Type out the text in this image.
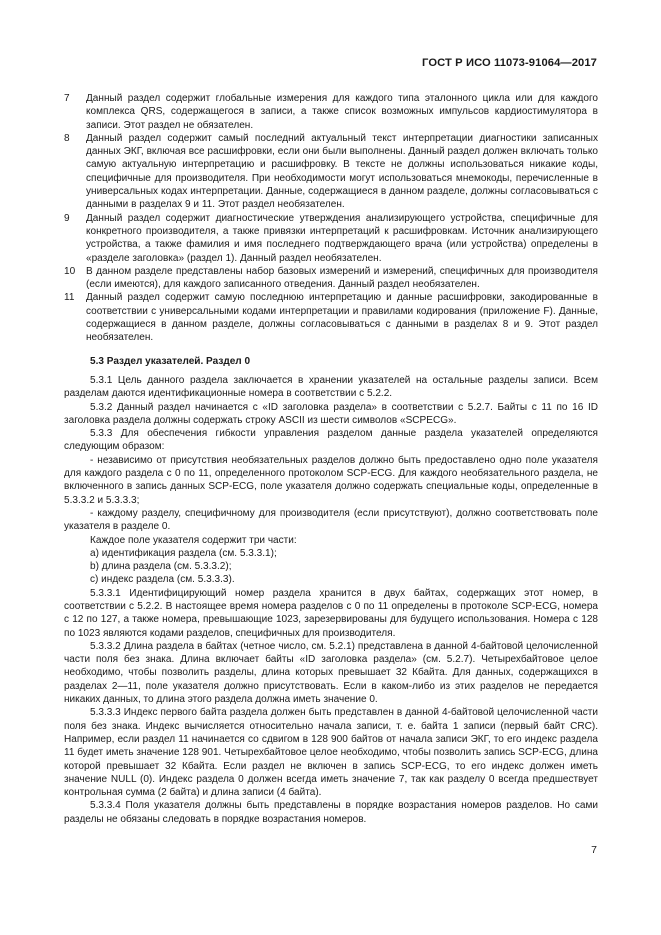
ГОСТ Р ИСО 11073-91064—2017
7	Данный раздел содержит глобальные измерения для каждого типа эталонного цикла или для каждого комплекса QRS, содержащегося в записи, а также список возможных импульсов кардиостимулятора в записи. Этот раздел не обязателен.
8	Данный раздел содержит самый последний актуальный текст интерпретации диагностики записанных данных ЭКГ, включая все расшифровки, если они были выполнены. Данный раздел должен включать только самую актуальную интерпретацию и расшифровку. В тексте не должны использоваться никакие коды, специфичные для производителя. При необходимости могут использоваться мнемокоды, перечисленные в универсальных кодах интерпретации. Данные, содержащиеся в данном разделе, должны согласовываться с данными в разделах 9 и 11. Этот раздел необязателен.
9	Данный раздел содержит диагностические утверждения анализирующего устройства, специфичные для конкретного производителя, а также привязки интерпретаций к расшифровкам. Источник анализирующего устройства, а также фамилия и имя последнего подтверждающего врача (или устройства) определены в «разделе заголовка» (раздел 1). Данный раздел необязателен.
10	В данном разделе представлены набор базовых измерений и измерений, специфичных для производителя (если имеются), для каждого записанного отведения. Данный раздел необязателен.
11	Данный раздел содержит самую последнюю интерпретацию и данные расшифровки, закодированные в соответствии с универсальными кодами интерпретации и правилами кодирования (приложение F). Данные, содержащиеся в данном разделе, должны согласовываться с данными в разделах 8 и 9. Этот раздел необязателен.
5.3 Раздел указателей. Раздел 0

5.3.1 Цель данного раздела заключается в хранении указателей на остальные разделы записи. Всем разделам даются идентификационные номера в соответствии с 5.2.2.

5.3.2 Данный раздел начинается с «ID заголовка раздела» в соответствии с 5.2.7. Байты с 11 по 16 ID заголовка раздела должны содержать строку ASCII из шести символов «SCPECG».

5.3.3 Для обеспечения гибкости управления разделом данные раздела указателей определяются следующим образом:

- независимо от присутствия необязательных разделов должно быть предоставлено одно поле указателя для каждого раздела с 0 по 11, определенного протоколом SCP-ECG. Для каждого необязательного раздела, не включенного в запись данных SCP-ECG, поле указателя должно содержать специальные коды, определенные в 5.3.3.2 и 5.3.3.3;

- каждому разделу, специфичному для производителя (если присутствуют), должно соответствовать поле указателя в разделе 0.

Каждое поле указателя содержит три части:

а) идентификация раздела (см. 5.3.3.1);

b) длина раздела (см. 5.3.3.2);

с) индекс раздела (см. 5.3.3.3).

5.3.3.1 Идентифицирующий номер раздела хранится в двух байтах, содержащих этот номер, в соответствии с 5.2.2. В настоящее время номера разделов с 0 по 11 определены в протоколе SCP-ECG, номера с 12 по 127, а также номера, превышающие 1023, зарезервированы для будущего использования. Номера с 128 по 1023 являются кодами разделов, специфичных для производителя.

5.3.3.2 Длина раздела в байтах (четное число, см. 5.2.1) представлена в данной 4-байтовой целочисленной части поля без знака. Длина включает байты «ID заголовка раздела» (см. 5.2.7). Четырехбайтовое целое необходимо, чтобы позволить разделы, длина которых превышает 32 Кбайта. Для данных, содержащихся в разделах 2—11, поле указателя должно присутствовать. Если в каком-либо из этих разделов не передается никаких данных, то длина этого раздела должна иметь значение 0.

5.3.3.3 Индекс первого байта раздела должен быть представлен в данной 4-байтовой целочисленной части поля без знака. Индекс вычисляется относительно начала записи, т. е. байта 1 записи (первый байт CRC). Например, если раздел 11 начинается со сдвигом в 128 900 байтов от начала записи ЭКГ, то его индекс раздела 11 будет иметь значение 128 901. Четырехбайтовое целое необходимо, чтобы позволить запись SCP-ECG, длина которой превышает 32 Кбайта. Если раздел не включен в запись SCP-ECG, то его индекс должен иметь значение NULL (0). Индекс раздела 0 должен всегда иметь значение 7, так как разделу 0 всегда предшествует контрольная сумма (2 байта) и длина записи (4 байта).

5.3.3.4 Поля указателя должны быть представлены в порядке возрастания номеров разделов. Но сами разделы не обязаны следовать в порядке возрастания номеров.

7
